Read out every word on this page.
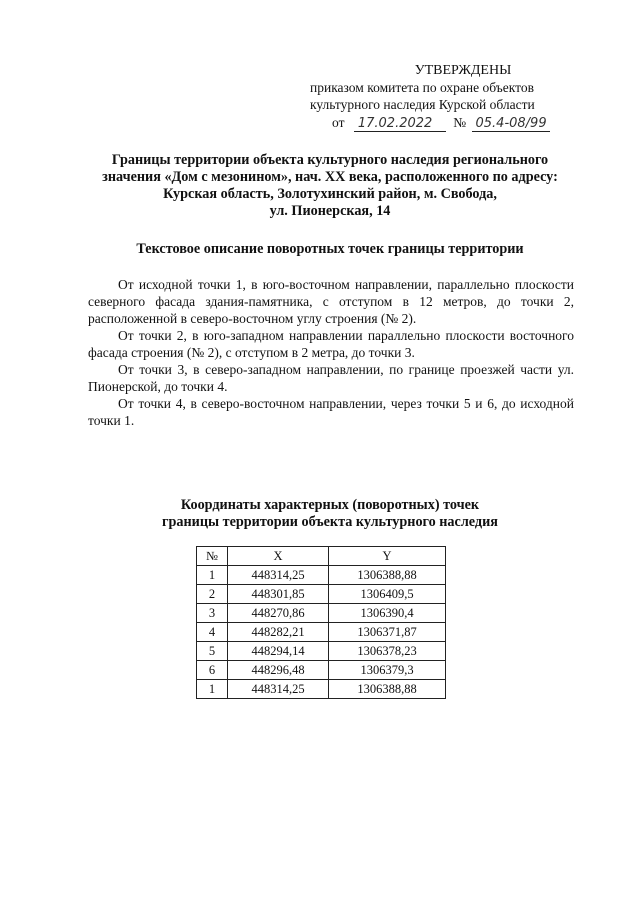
УТВЕРЖДЕНЫ
приказом комитета по охране объектов
культурного наследия Курской области
от 17.02.2022 № 05.4-08/99
Границы территории объекта культурного наследия регионального
значения «Дом с мезонином», нач. XX века, расположенного по адресу:
Курская область, Золотухинский район, м. Свобода,
ул. Пионерская, 14
Текстовое описание поворотных точек границы территории

От исходной точки 1, в юго-восточном направлении, параллельно плоскости северного фасада здания-памятника, с отступом в 12 метров, до точки 2, расположенной в северо-восточном углу строения (№ 2).

От точки 2, в юго-западном направлении параллельно плоскости восточного фасада строения (№ 2), с отступом в 2 метра, до точки 3.

От точки 3, в северо-западном направлении, по границе проезжей части ул. Пионерской, до точки 4.

От точки 4, в северо-восточном направлении, через точки 5 и 6, до исходной точки 1.

Координаты характерных (поворотных) точек
границы территории объекта культурного наследия
№	X	Y
1	448314,25	1306388,88
2	448301,85	1306409,5
3	448270,86	1306390,4
4	448282,21	1306371,87
5	448294,14	1306378,23
6	448296,48	1306379,3
1	448314,25	1306388,88
